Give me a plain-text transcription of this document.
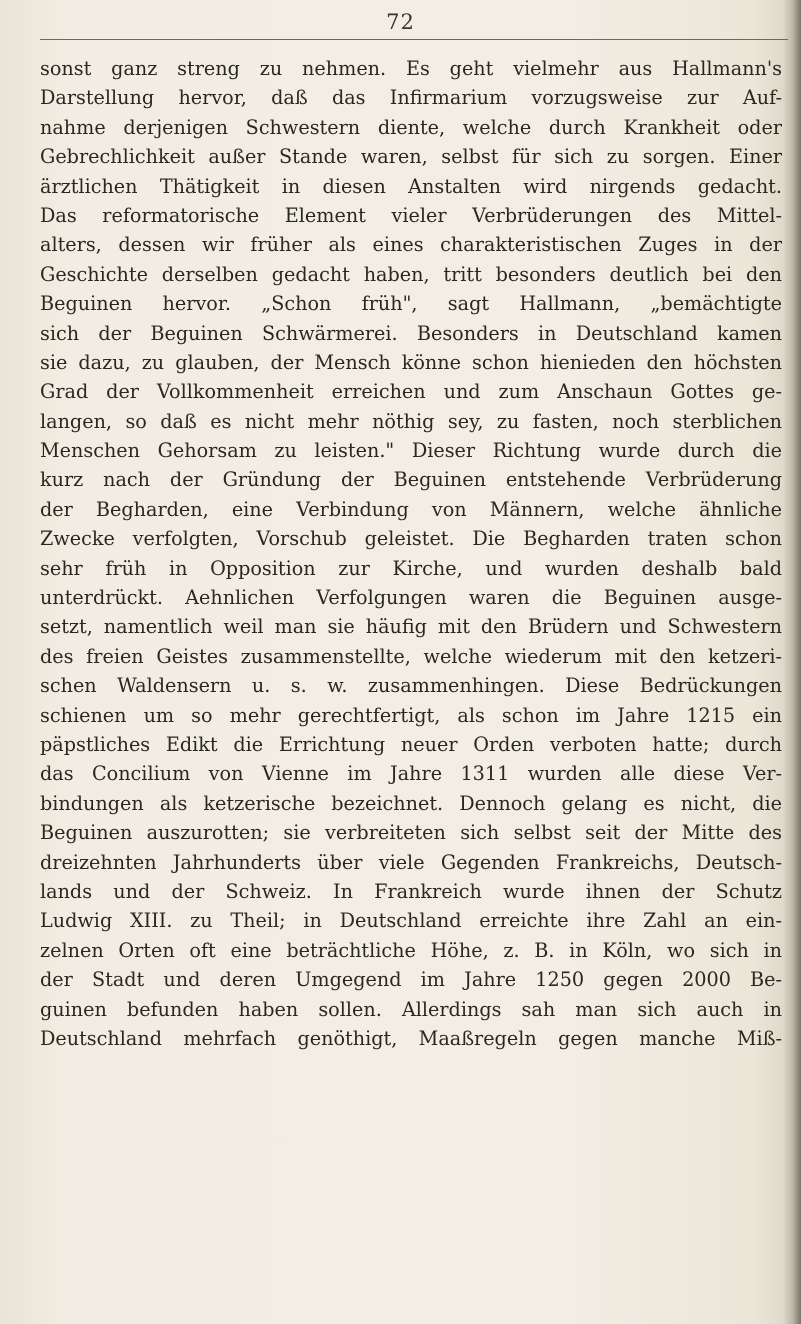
72
sonst ganz streng zu nehmen. Es geht vielmehr aus Hallmann's
Darstellung hervor, daß das Infirmarium vorzugsweise zur Auf-
nahme derjenigen Schwestern diente, welche durch Krankheit oder
Gebrechlichkeit außer Stande waren, selbst für sich zu sorgen. Einer
ärztlichen Thätigkeit in diesen Anstalten wird nirgends gedacht.
Das reformatorische Element vieler Verbrüderungen des Mittel-
alters, dessen wir früher als eines charakteristischen Zuges in der
Geschichte derselben gedacht haben, tritt besonders deutlich bei den
Beguinen hervor. „Schon früh", sagt Hallmann, „bemächtigte
sich der Beguinen Schwärmerei. Besonders in Deutschland kamen
sie dazu, zu glauben, der Mensch könne schon hienieden den höchsten
Grad der Vollkommenheit erreichen und zum Anschaun Gottes ge-
langen, so daß es nicht mehr nöthig sey, zu fasten, noch sterblichen
Menschen Gehorsam zu leisten." Dieser Richtung wurde durch die
kurz nach der Gründung der Beguinen entstehende Verbrüderung
der Begharden, eine Verbindung von Männern, welche ähnliche
Zwecke verfolgten, Vorschub geleistet. Die Begharden traten schon
sehr früh in Opposition zur Kirche, und wurden deshalb bald
unterdrückt. Aehnlichen Verfolgungen waren die Beguinen ausge-
setzt, namentlich weil man sie häufig mit den Brüdern und Schwestern
des freien Geistes zusammenstellte, welche wiederum mit den ketzeri-
schen Waldensern u. s. w. zusammenhingen. Diese Bedrückungen
schienen um so mehr gerechtfertigt, als schon im Jahre 1215 ein
päpstliches Edikt die Errichtung neuer Orden verboten hatte; durch
das Concilium von Vienne im Jahre 1311 wurden alle diese Ver-
bindungen als ketzerische bezeichnet. Dennoch gelang es nicht, die
Beguinen auszurotten; sie verbreiteten sich selbst seit der Mitte des
dreizehnten Jahrhunderts über viele Gegenden Frankreichs, Deutsch-
lands und der Schweiz. In Frankreich wurde ihnen der Schutz
Ludwig XIII. zu Theil; in Deutschland erreichte ihre Zahl an ein-
zelnen Orten oft eine beträchtliche Höhe, z. B. in Köln, wo sich in
der Stadt und deren Umgegend im Jahre 1250 gegen 2000 Be-
guinen befunden haben sollen. Allerdings sah man sich auch in
Deutschland mehrfach genöthigt, Maaßregeln gegen manche Miß-
